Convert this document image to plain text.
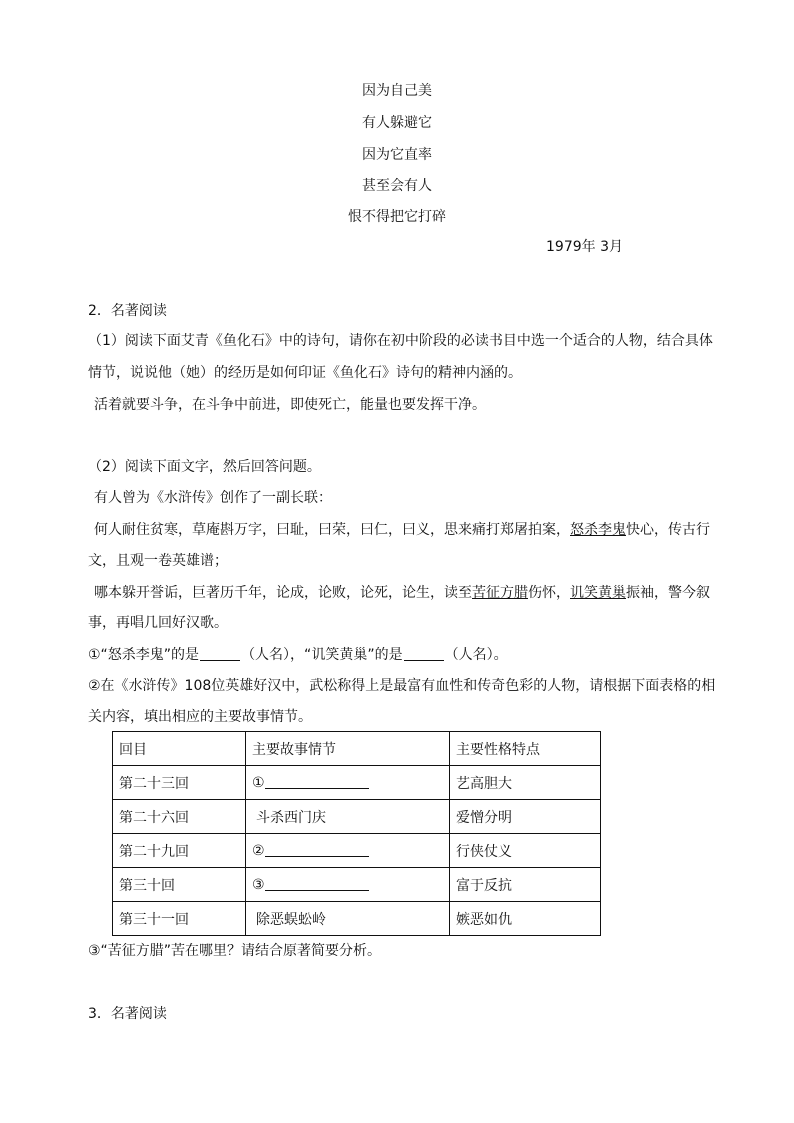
因为自己美
有人躲避它
因为它直率
甚至会有人
恨不得把它打碎
1979年 3月
2．名著阅读
（1）阅读下面艾青《鱼化石》中的诗句，请你在初中阶段的必读书目中选一个适合的人物，结合具体
情节，说说他（她）的经历是如何印证《鱼化石》诗句的精神内涵的。
活着就要斗争，在斗争中前进，即使死亡，能量也要发挥干净。
（2）阅读下面文字，然后回答问题。
有人曾为《水浒传》创作了一副长联：
何人耐住贫寒，草庵斟万字，曰耻，曰荣，曰仁，曰义，思来痛打郑屠拍案，怒杀李鬼快心，传古行
文，且观一卷英雄谱；
哪本躲开誉诟，巨著历千年，论成，论败，论死，论生，读至苦征方腊伤怀，讥笑黄巢振袖，警今叙
事，再唱几回好汉歌。
①“怒杀李鬼”的是	（人名），“讥笑黄巢”的是	（人名）。
②在《水浒传》108位英雄好汉中，武松称得上是最富有血性和传奇色彩的人物，请根据下面表格的相
关内容，填出相应的主要故事情节。
回目	主要故事情节	主要性格特点
第二十三回	①	艺高胆大
第二十六回	斗杀西门庆	爱憎分明
第二十九回	②	行侠仗义
第三十回	③	富于反抗
第三十一回	除恶蜈蚣岭	嫉恶如仇
③“苦征方腊”苦在哪里？请结合原著简要分析。
3．名著阅读
